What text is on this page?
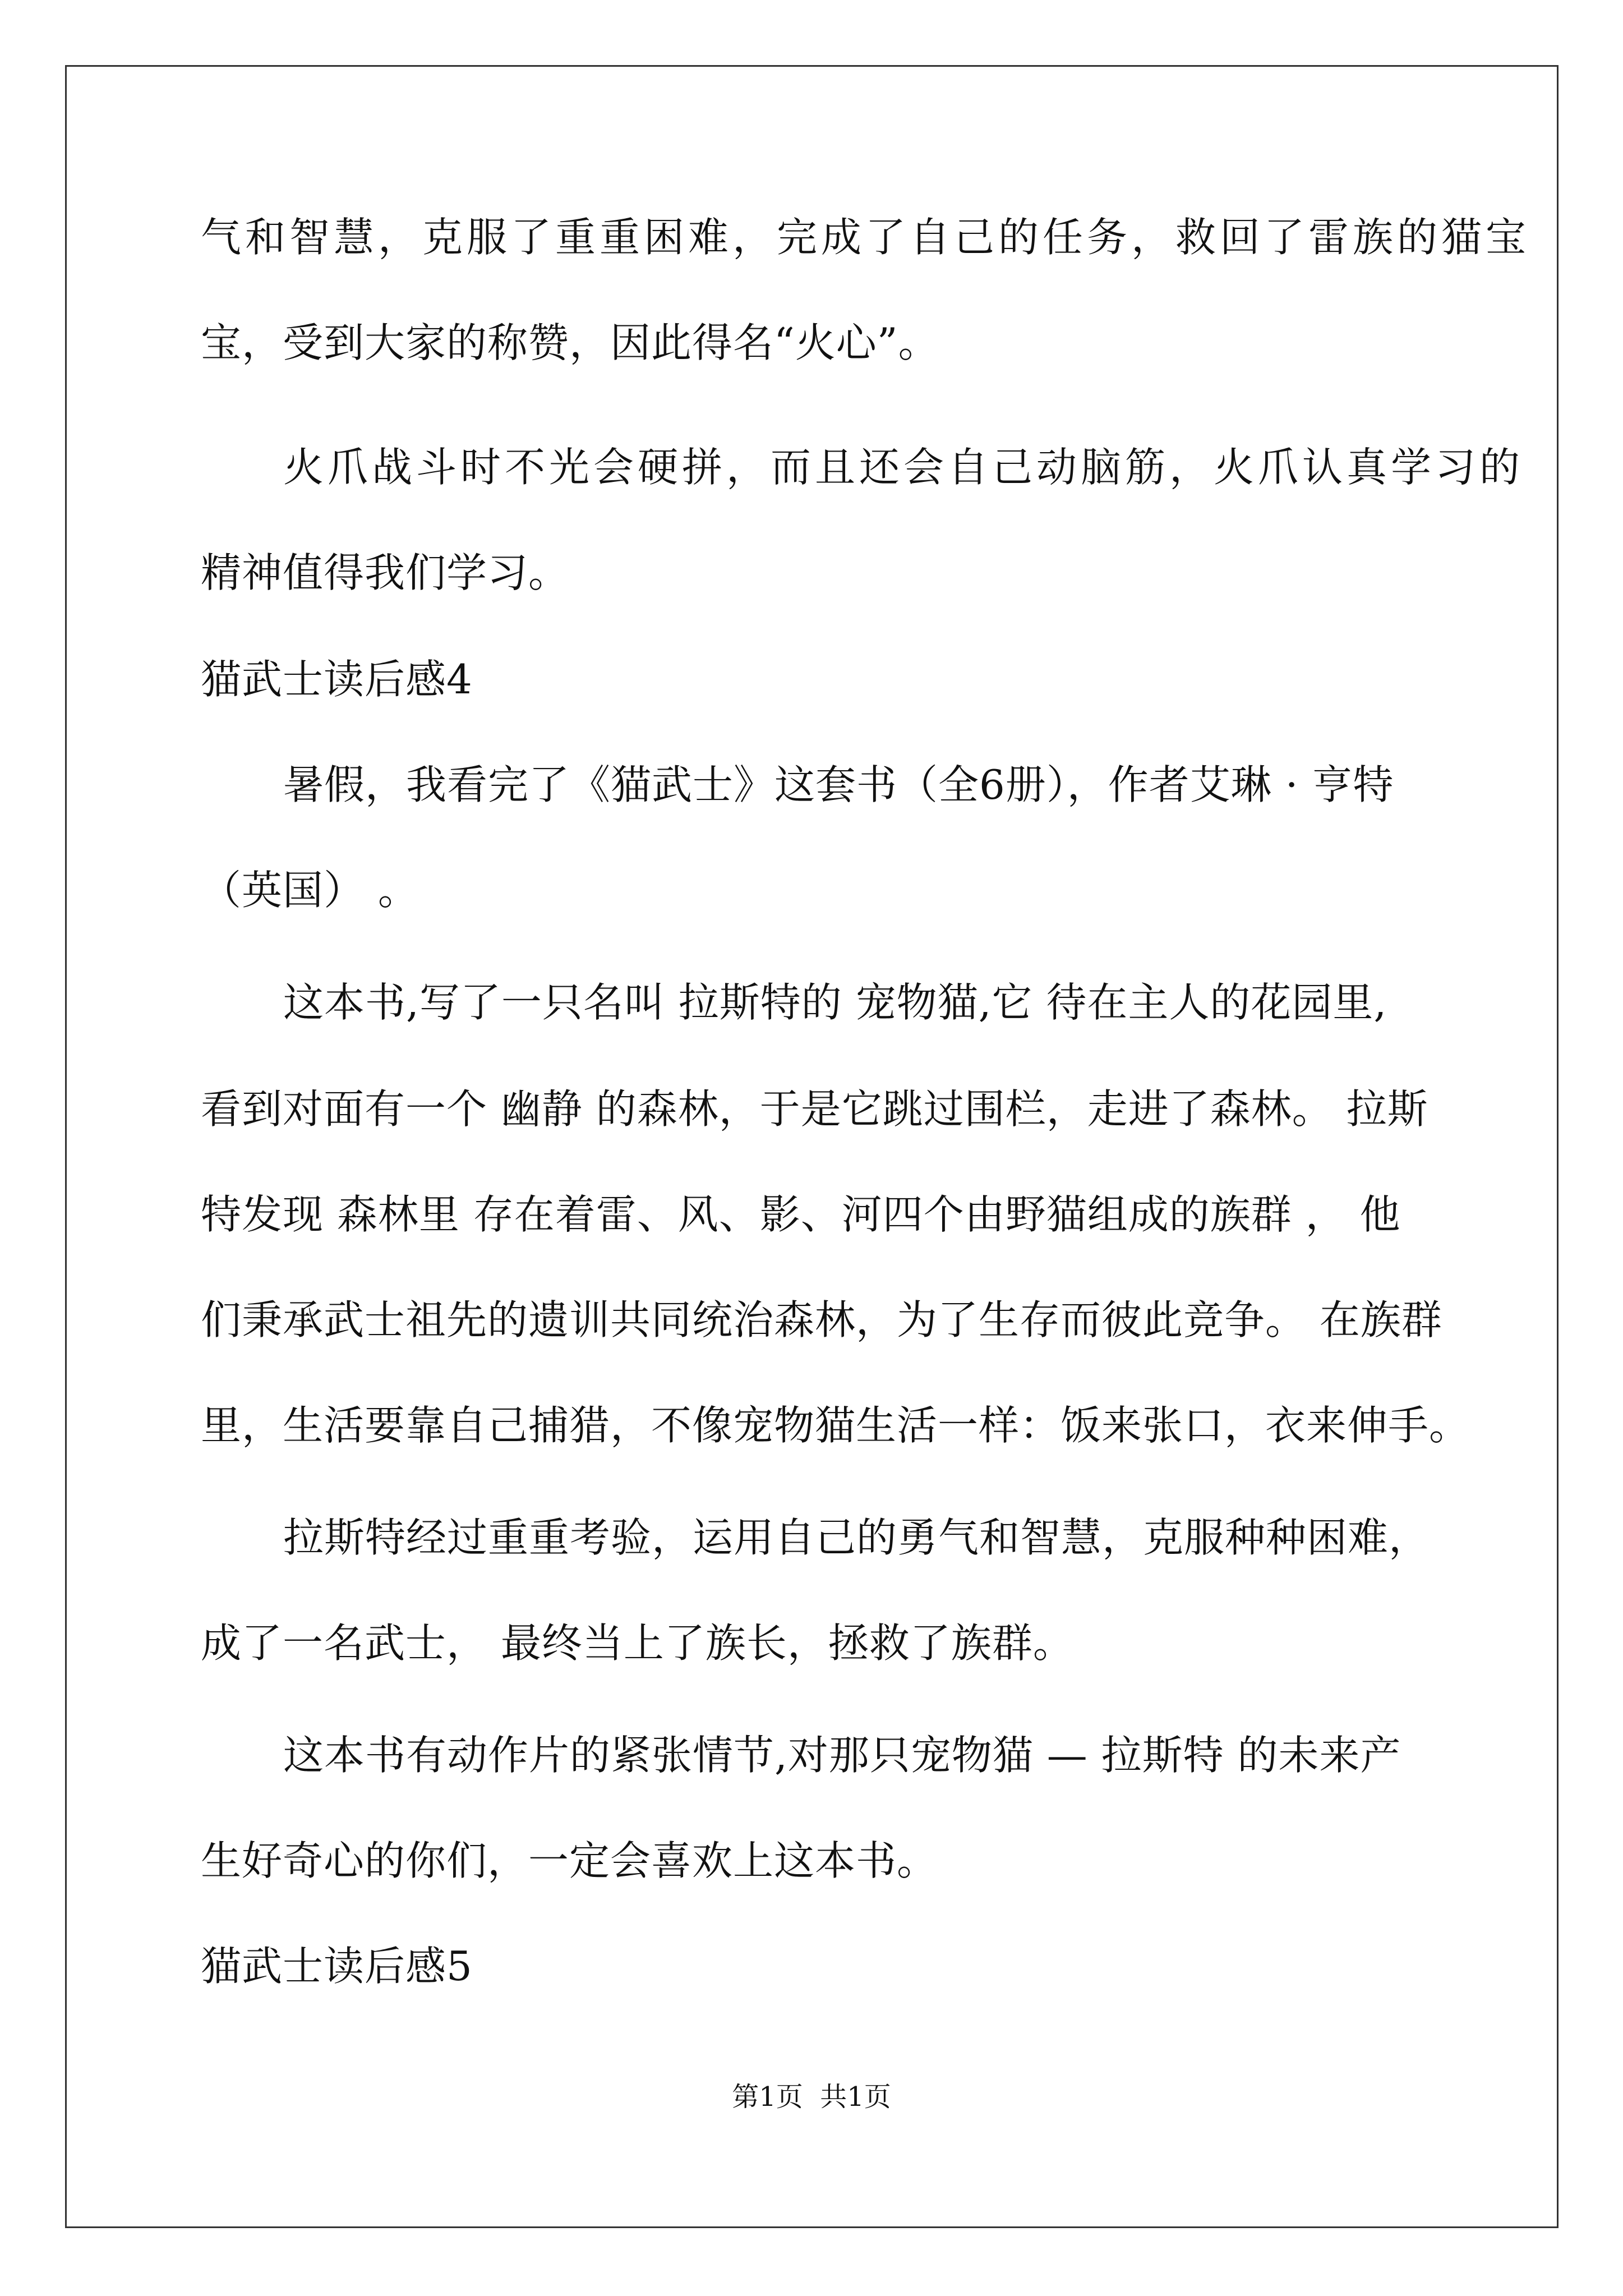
气和智慧，克服了重重困难，完成了自己的任务，救回了雷族的猫宝
宝，受到大家的称赞，因此得名“火心”。
火爪战斗时不光会硬拼，而且还会自己动脑筋，火爪认真学习的
精神值得我们学习。
猫武士读后感4
暑假，我看完了《猫武士》这套书（全6册），作者艾琳 · 亨特
（英国） 。
这本书,写了一只名叫 拉斯特的 宠物猫,它 待在主人的花园里,
看到对面有一个 幽静 的森林，于是它跳过围栏，走进了森林。 拉斯
特发现 森林里 存在着雷、风、影、河四个由野猫组成的族群 ， 他
们秉承武士祖先的遗训共同统治森林，为了生存而彼此竞争。 在族群
里，生活要靠自己捕猎，不像宠物猫生活一样：饭来张口，衣来伸手。
拉斯特经过重重考验，运用自己的勇气和智慧，克服种种困难，
成了一名武士， 最终当上了族长，拯救了族群。
这本书有动作片的紧张情节,对那只宠物猫 — 拉斯特 的未来产
生好奇心的你们，一定会喜欢上这本书。
猫武士读后感5
第1页  共1页
